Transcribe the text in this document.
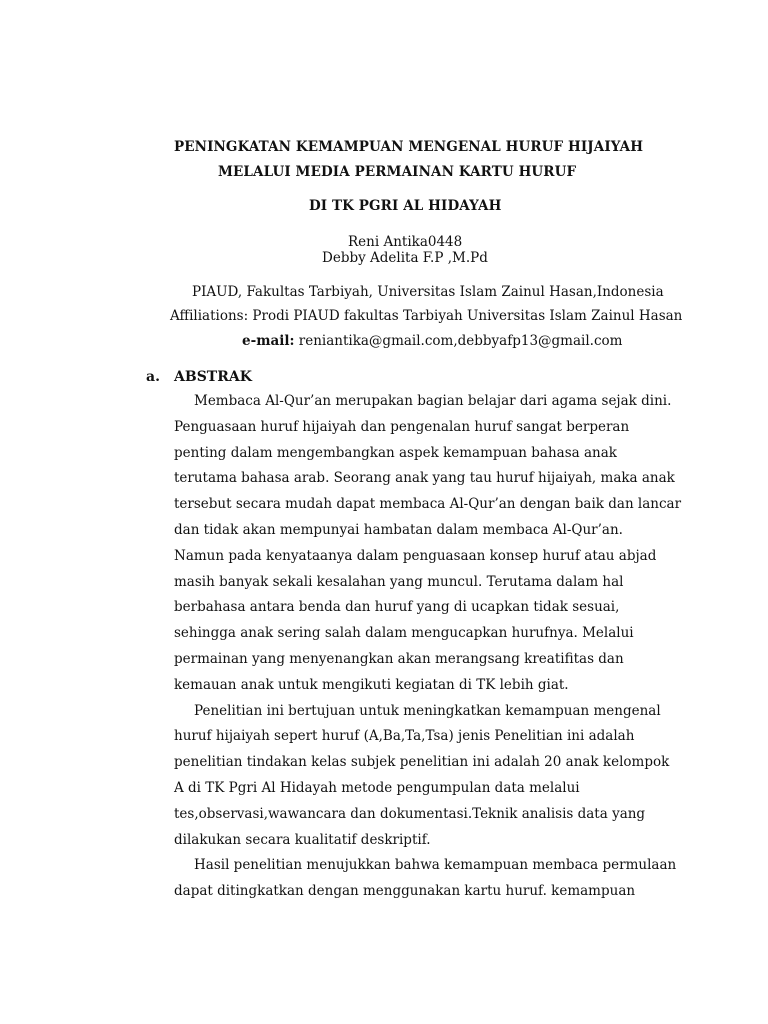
PENINGKATAN KEMAMPUAN MENGENAL HURUF HIJAIYAH
MELALUI MEDIA PERMAINAN KARTU HURUF
DI TK PGRI AL HIDAYAH
Reni Antika0448
Debby Adelita F.P ,M.Pd
PIAUD, Fakultas Tarbiyah, Universitas Islam Zainul Hasan,Indonesia
Affiliations: Prodi PIAUD fakultas Tarbiyah Universitas Islam Zainul Hasan
e-mail: reniantika@gmail.com,debbyafp13@gmail.com
a. ABSTRAK
Membaca Al-Qur’an merupakan bagian belajar dari agama sejak dini.
Penguasaan huruf hijaiyah dan pengenalan huruf sangat berperan
penting dalam mengembangkan aspek kemampuan bahasa anak
terutama bahasa arab. Seorang anak yang tau huruf hijaiyah, maka anak
tersebut secara mudah dapat membaca Al-Qur’an dengan baik dan lancar
dan tidak akan mempunyai hambatan dalam membaca Al-Qur’an.
Namun pada kenyataanya dalam penguasaan konsep huruf atau abjad
masih banyak sekali kesalahan yang muncul. Terutama dalam hal
berbahasa antara benda dan huruf yang di ucapkan tidak sesuai,
sehingga anak sering salah dalam mengucapkan hurufnya. Melalui
permainan yang menyenangkan akan merangsang kreatifitas dan
kemauan anak untuk mengikuti kegiatan di TK lebih giat.
Penelitian ini bertujuan untuk meningkatkan kemampuan mengenal
huruf hijaiyah sepert huruf (A,Ba,Ta,Tsa) jenis Penelitian ini adalah
penelitian tindakan kelas subjek penelitian ini adalah 20 anak kelompok
A di TK Pgri Al Hidayah metode pengumpulan data melalui
tes,observasi,wawancara dan dokumentasi.Teknik analisis data yang
dilakukan secara kualitatif deskriptif.
Hasil penelitian menujukkan bahwa kemampuan membaca permulaan
dapat ditingkatkan dengan menggunakan kartu huruf. kemampuan
